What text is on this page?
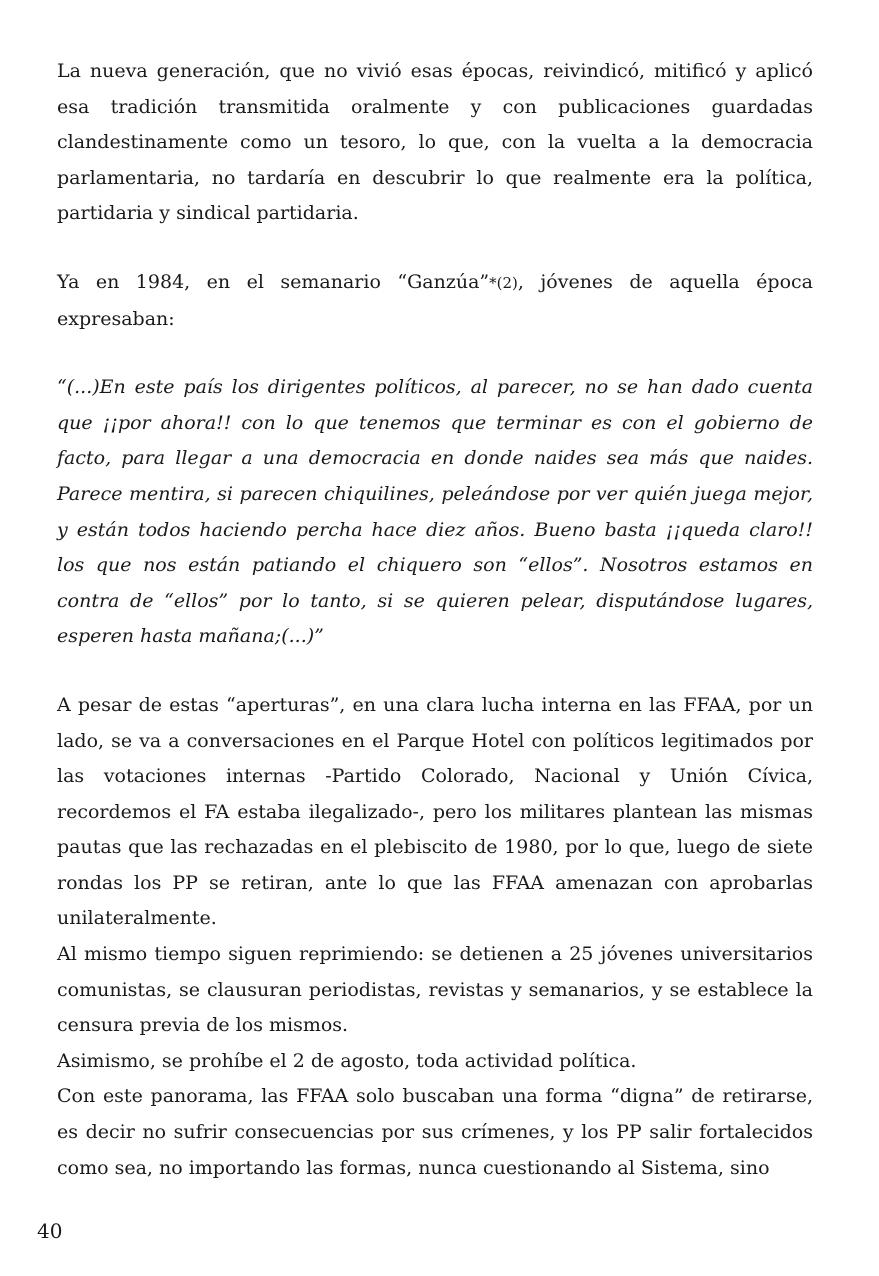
La nueva generación, que no vivió esas épocas, reivindicó, mitificó y aplicó esa tradición transmitida oralmente y con publicaciones guardadas clandestinamente como un tesoro, lo que, con la vuelta a la democracia parlamentaria, no tardaría en descubrir lo que realmente era la política, partidaria y sindical partidaria.

Ya en 1984, en el semanario “Ganzúa”*(2), jóvenes de aquella época expresaban:

“(...)En este país los dirigentes políticos, al parecer, no se han dado cuenta que ¡¡por ahora!! con lo que tenemos que terminar es con el gobierno de facto, para llegar a una democracia en donde naides sea más que naides. Parece mentira, si parecen chiquilines, peleándose por ver quién juega mejor, y están todos haciendo percha hace diez años. Bueno basta ¡¡queda claro!! los que nos están patiando el chiquero son “ellos”. Nosotros estamos en contra de “ellos” por lo tanto, si se quieren pelear, disputándose lugares, esperen hasta mañana;(...)”

A pesar de estas “aperturas”, en una clara lucha interna en las FFAA, por un lado, se va a conversaciones en el Parque Hotel con políticos legitimados por las votaciones internas -Partido Colorado, Nacional y Unión Cívica, recordemos el FA estaba ilegalizado-, pero los militares plantean las mismas pautas que las rechazadas en el plebiscito de 1980, por lo que, luego de siete rondas los PP se retiran, ante lo que las FFAA amenazan con aprobarlas unilateralmente.

Al mismo tiempo siguen reprimiendo: se detienen a 25 jóvenes universitarios comunistas, se clausuran periodistas, revistas y semanarios, y se establece la censura previa de los mismos.

Asimismo, se prohíbe el 2 de agosto, toda actividad política.

Con este panorama, las FFAA solo buscaban una forma “digna” de retirarse, es decir no sufrir consecuencias por sus crímenes, y los PP salir fortalecidos como sea, no importando las formas, nunca cuestionando al Sistema, sino

40
